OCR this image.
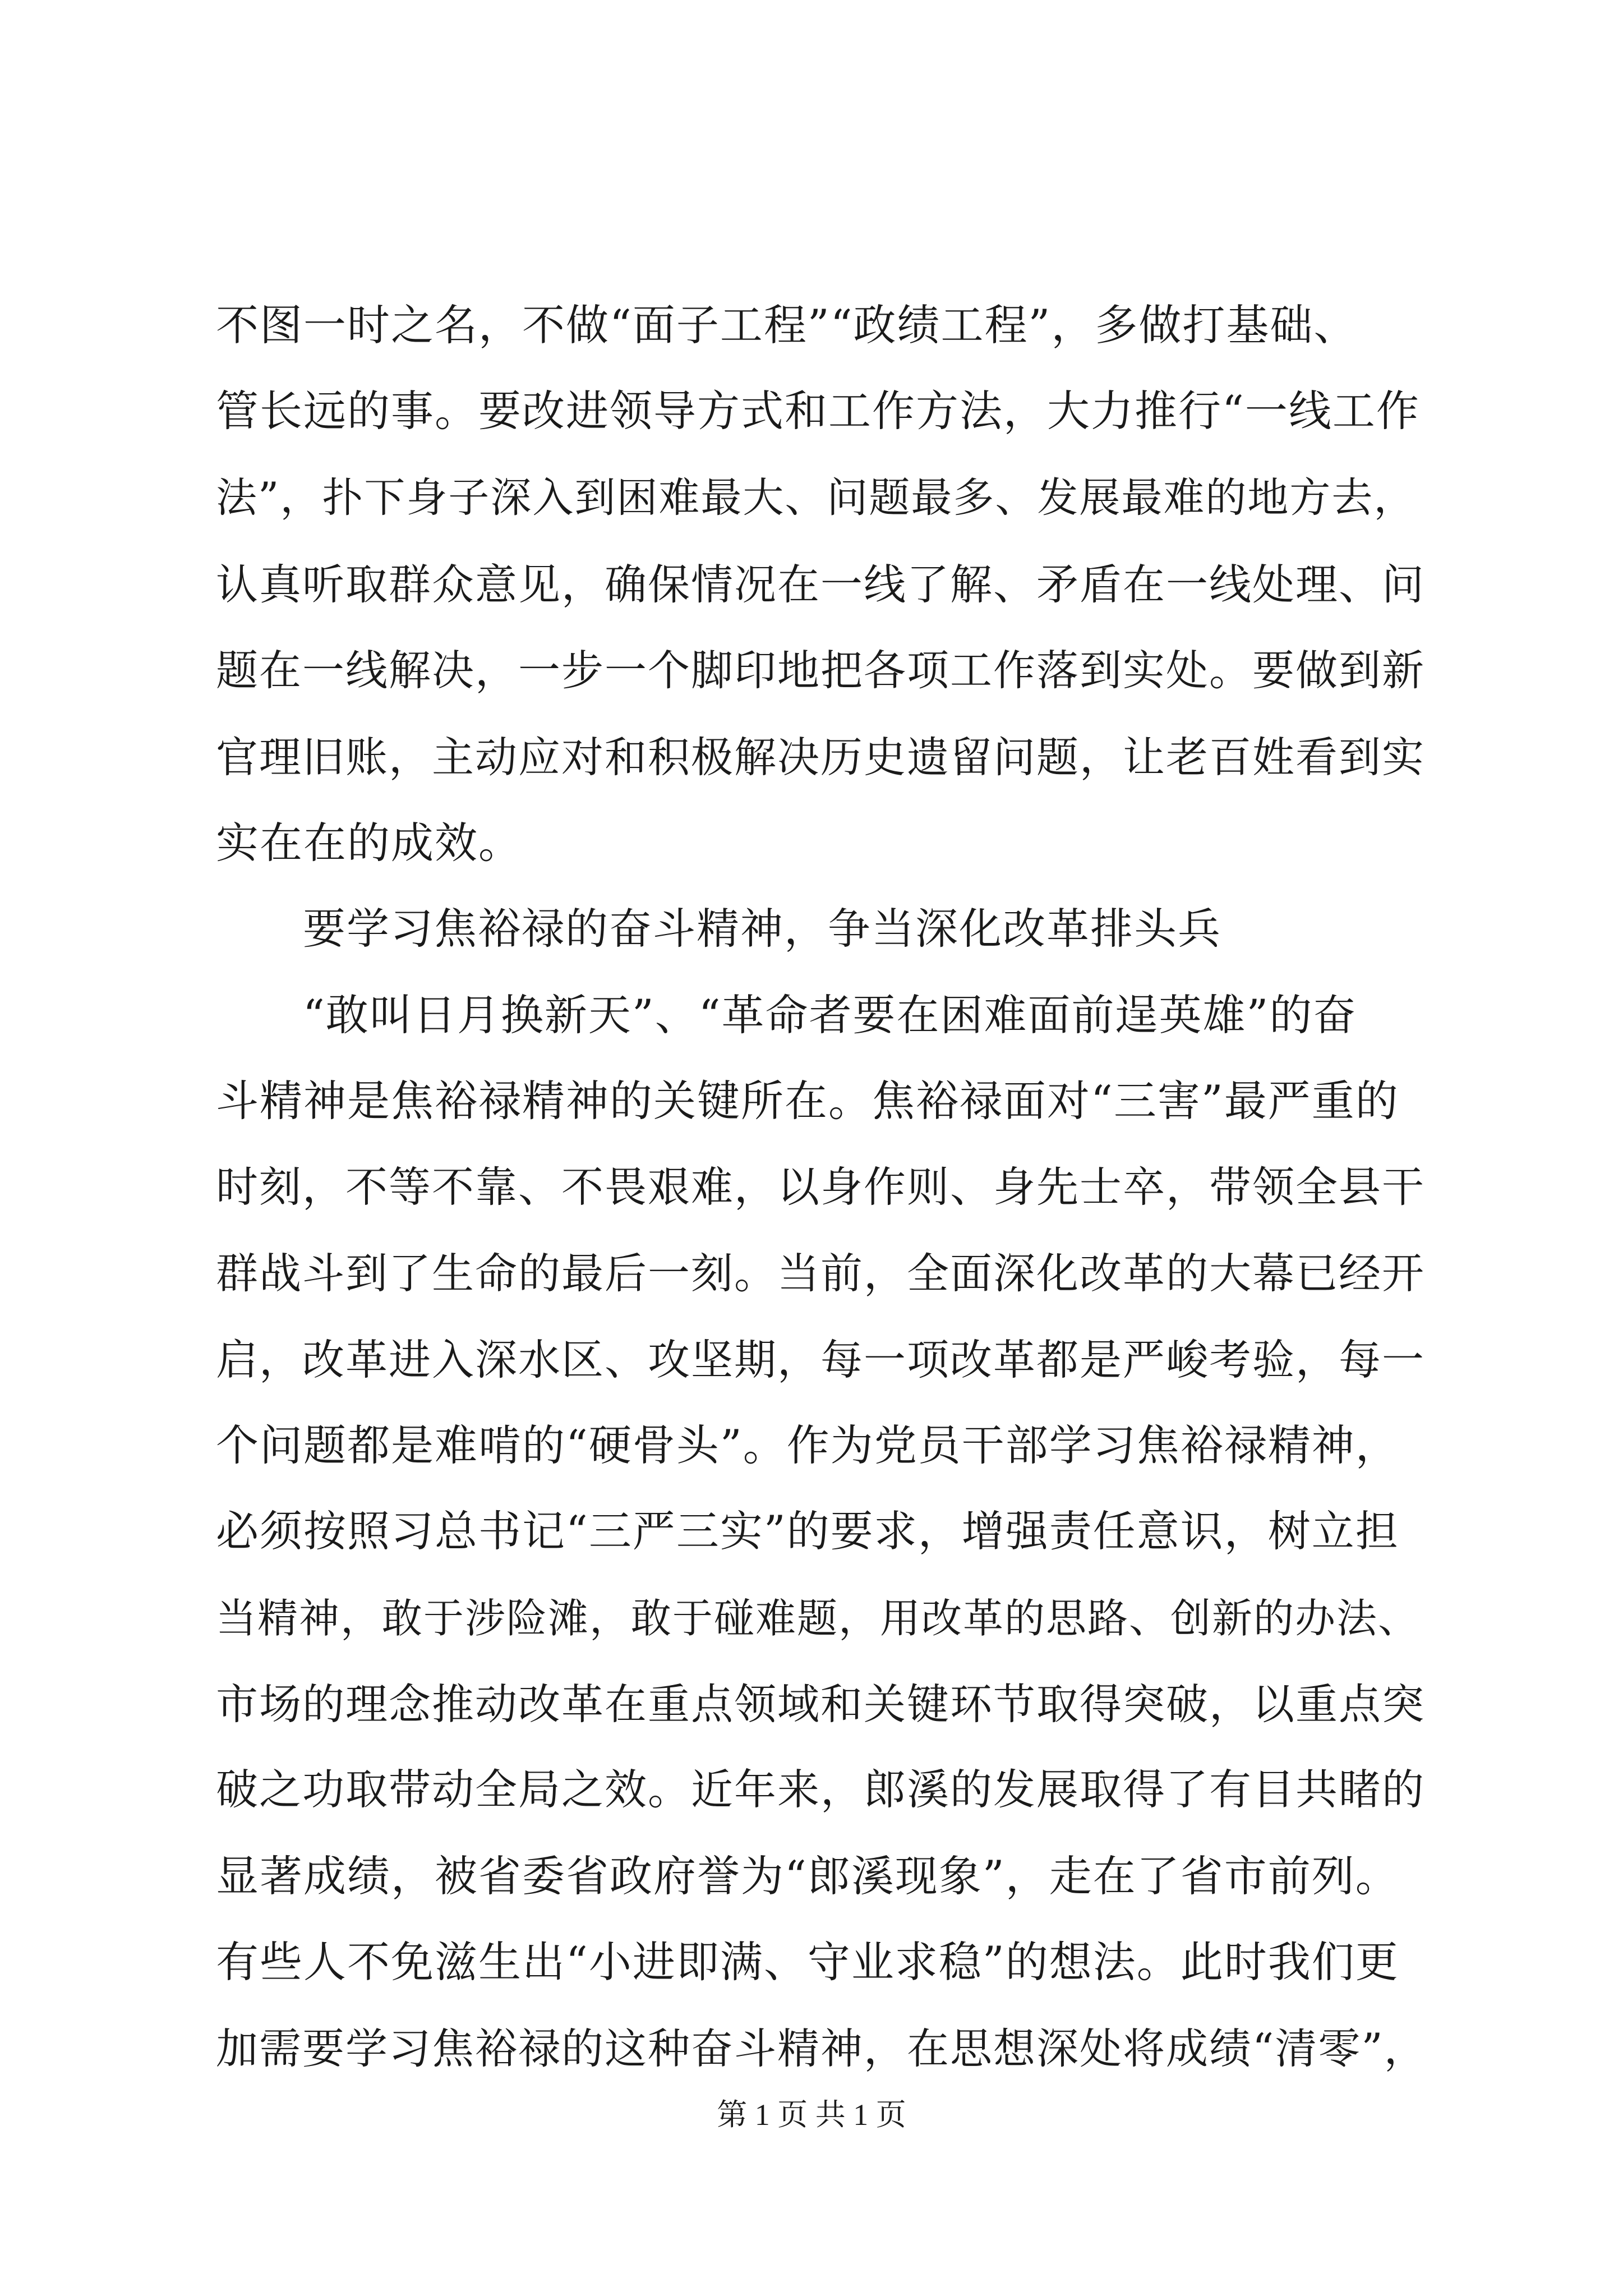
不图一时之名，不做“面子工程”“政绩工程”，多做打基础、
管长远的事。要改进领导方式和工作方法，大力推行“一线工作
法”，扑下身子深入到困难最大、问题最多、发展最难的地方去，
认真听取群众意见，确保情况在一线了解、矛盾在一线处理、问
题在一线解决，一步一个脚印地把各项工作落到实处。要做到新
官理旧账，主动应对和积极解决历史遗留问题，让老百姓看到实
实在在的成效。
要学习焦裕禄的奋斗精神，争当深化改革排头兵
“敢叫日月换新天”、“革命者要在困难面前逞英雄”的奋
斗精神是焦裕禄精神的关键所在。焦裕禄面对“三害”最严重的
时刻，不等不靠、不畏艰难，以身作则、身先士卒，带领全县干
群战斗到了生命的最后一刻。当前，全面深化改革的大幕已经开
启，改革进入深水区、攻坚期，每一项改革都是严峻考验，每一
个问题都是难啃的“硬骨头”。作为党员干部学习焦裕禄精神，
必须按照习总书记“三严三实”的要求，增强责任意识，树立担
当精神，敢于涉险滩，敢于碰难题，用改革的思路、创新的办法、
市场的理念推动改革在重点领域和关键环节取得突破，以重点突
破之功取带动全局之效。近年来，郎溪的发展取得了有目共睹的
显著成绩，被省委省政府誉为“郎溪现象”，走在了省市前列。
有些人不免滋生出“小进即满、守业求稳”的想法。此时我们更
加需要学习焦裕禄的这种奋斗精神，在思想深处将成绩“清零”，
第 1 页 共 1 页
